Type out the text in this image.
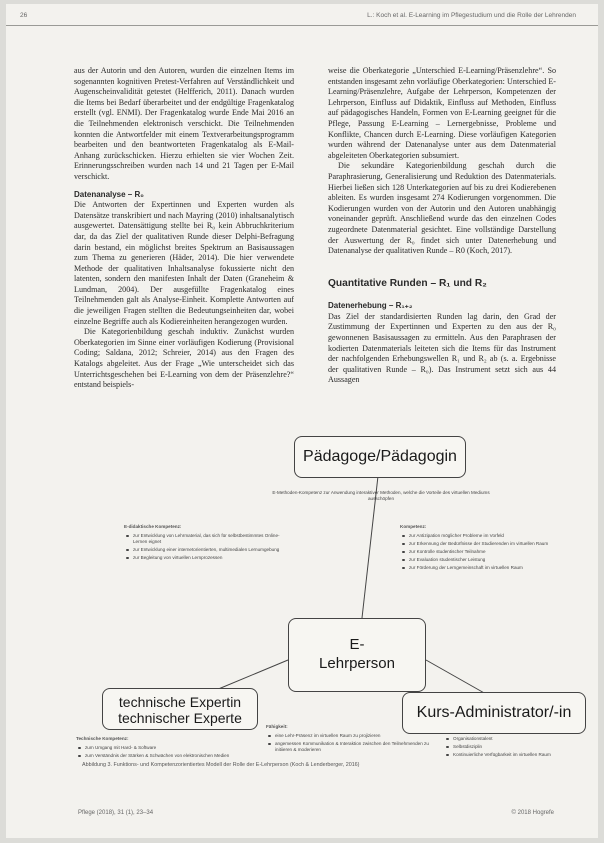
26	L.: Koch et al. E-Learning im Pflegestudium und die Rolle der Lehrenden

aus der Autorin und den Autoren, wurden die einzelnen Items im sogenannten kognitiven Pretest-Verfahren auf Verständlichkeit und Augenscheinvalidität getestet (Helfferich, 2011). Danach wurden die Items bei Bedarf überarbeitet und der endgültige Fragenkatalog erstellt (vgl. ENMI). Der Fragenkatalog wurde Ende Mai 2016 an die Teilnehmenden elektronisch verschickt. Die Teilnehmenden konnten die Antwortfelder mit einem Textverarbeitungsprogramm bearbeiten und den beantworteten Fragenkatalog als E-Mail-Anhang zurückschicken. Hierzu erhielten sie vier Wochen Zeit. Erinnerungsschreiben wurden nach 14 und 21 Tagen per E-Mail verschickt.

Datenanalyse – R₀

Die Antworten der Expertinnen und Experten wurden als Datensätze transkribiert und nach Mayring (2010) inhaltsanalytisch ausgewertet. Datensättigung stellte bei R₀ kein Abbruchkriterium dar, da das Ziel der qualitativen Runde dieser Delphi-Befragung darin bestand, ein möglichst breites Spektrum an Basisaussagen zum Thema zu generieren (Häder, 2014). Die hier verwendete Methode der qualitativen Inhaltsanalyse fokussierte nicht den latenten, sondern den manifesten Inhalt der Daten (Graneheim & Lundman, 2004). Der ausgefüllte Fragenkatalog eines Teilnehmenden galt als Analyse-Einheit. Komplette Antworten auf die jeweiligen Fragen stellten die Bedeutungseinheiten dar, wobei einzelne Begriffe auch als Kodiereinheiten herangezogen wurden.

Die Kategorienbildung geschah induktiv. Zunächst wurden Oberkategorien im Sinne einer vorläufigen Kodierung (Provisional Coding; Saldana, 2012; Schreier, 2014) aus den Fragen des Katalogs abgeleitet. Aus der Frage „Wie unterscheidet sich das Unterrichtsgeschehen bei E-Learning von dem der Präsenzlehre?“ entstand beispiels-

weise die Oberkategorie „Unterschied E-Learning/Präsenzlehre“. So entstanden insgesamt zehn vorläufige Oberkategorien: Unterschied E-Learning/Präsenzlehre, Aufgabe der Lehrperson, Kompetenzen der Lehrperson, Einfluss auf Didaktik, Einfluss auf Methoden, Einfluss auf pädagogisches Handeln, Formen von E-Learning geeignet für die Pflege, Passung E-Learning – Lernergebnisse, Probleme und Konflikte, Chancen durch E-Learning. Diese vorläufigen Kategorien wurden während der Datenanalyse unter aus dem Datenmaterial abgeleiteten Oberkategorien subsumiert.

Die sekundäre Kategorienbildung geschah durch die Paraphrasierung, Generalisierung und Reduktion des Datenmaterials. Hierbei ließen sich 128 Unterkategorien auf bis zu drei Kodierebenen ableiten. Es wurden insgesamt 274 Kodierungen vorgenommen. Die Kodierungen wurden von der Autorin und den Autoren unabhängig voneinander geprüft. Anschließend wurde das den einzelnen Codes zugeordnete Datenmaterial gesichtet. Eine vollständige Darstellung der Auswertung der R₀ findet sich unter Datenerhebung und Datenanalyse der qualitativen Runde – R0 (Koch, 2017).

Quantitative Runden – R₁ und R₂
Datenerhebung – R₁₊₂

Das Ziel der standardisierten Runden lag darin, den Grad der Zustimmung der Expertinnen und Experten zu den aus der R₀ gewonnenen Basisaussagen zu ermitteln. Aus den Paraphrasen der kodierten Datenmaterials leiteten sich die Items für das Instrument der nachfolgenden Erhebungswellen R₁ und R₂ ab (s. a. Ergebnisse der qualitativen Runde – R₀). Das Instrument setzt sich aus 44 Aussagen

Pädagoge/Pädagogin
E-Methoden-Kompetenz zur Anwendung interaktiver Methoden, welche die Vorteile des virtuellen Mediums ausschöpfen
E-didaktische Kompetenz:
zur Entwicklung von Lehrmaterial, das sich für selbstbestimmtes Online-Lernen eignet
zur Entwicklung einer internetorientierten, multimedialen Lernumgebung
zur Begleitung von virtuellen Lernprozessen
Kompetenz:
zur Antizipation möglicher Probleme im Vorfeld
zur Erkennung der Bedürfnisse der Studierenden im virtuellen Raum
zur Kontrolle studentischer Teilnahme
zur Evaluation studentischer Leistung
zur Förderung der Lerngemeinschaft im virtuellen Raum
E-
Lehrperson
technische Expertin
technischer Experte	Kurs-Administrator/-in
Technische Kompetenz:
zum Umgang mit Hard- & Software
zum Verständnis der Stärken & Schwächen von elektronischen Medien
Fähigkeit:
eine Lehr-Präsenz im virtuellen Raum zu projizieren
angemessen Kommunikation & Interaktion zwischen den Teilnehmenden zu initiieren & moderieren
Organisationstalent
Selbstdisziplin
Kontinuierliche Verfügbarkeit im virtuellen Raum
Abbildung 3. Funktions- und Kompetenzorientiertes Modell der Rolle der E-Lehrperson (Koch & Lenderberger, 2016)
Pflege (2018), 31 (1), 23–34	© 2018 Hogrefe
